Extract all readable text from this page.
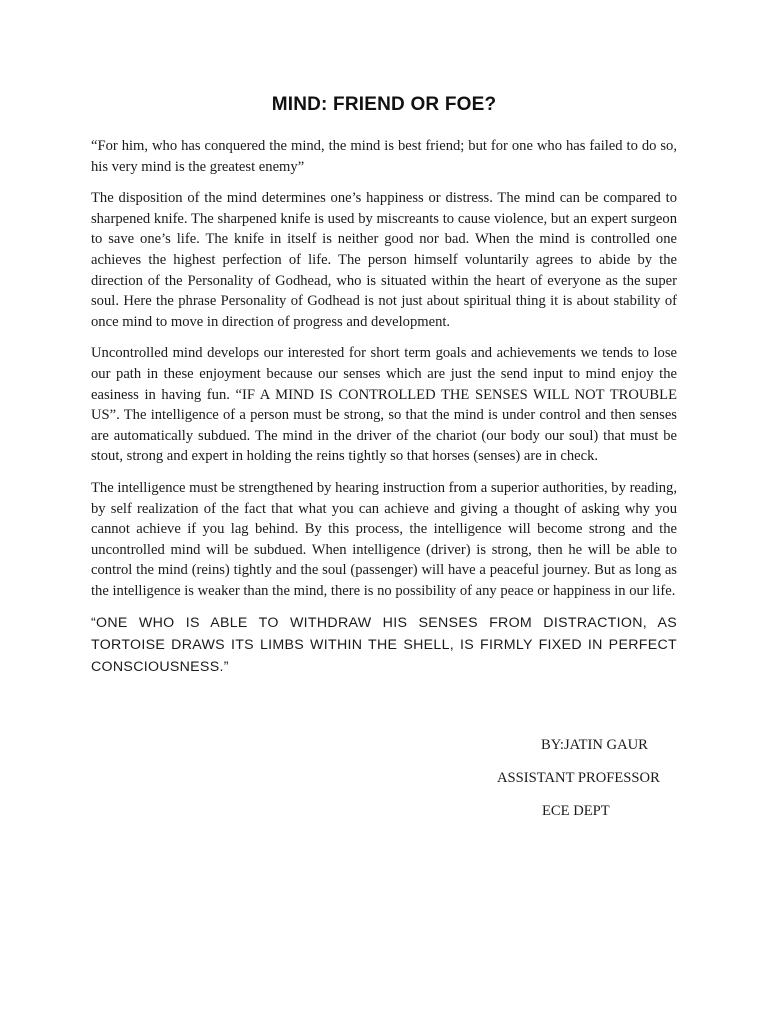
MIND: FRIEND OR FOE?

“For him, who has conquered the mind, the mind is best friend; but for one who has failed to do so, his very mind is the greatest enemy”

The disposition of the mind determines one’s happiness or distress. The mind can be compared to sharpened knife. The sharpened knife is used by miscreants to cause violence, but an expert surgeon to save one’s life. The knife in itself is neither good nor bad. When the mind is controlled one achieves the highest perfection of life. The person himself voluntarily agrees to abide by the direction of the Personality of Godhead, who is situated within the heart of everyone as the super soul. Here the phrase Personality of Godhead is not just about spiritual thing it is about stability of once mind to move in direction of progress and development.

Uncontrolled mind develops our interested for short term goals and achievements we tends to lose our path in these enjoyment because our senses which are just the send input to mind enjoy the easiness in having fun. “IF A MIND IS CONTROLLED THE SENSES WILL NOT TROUBLE US”. The intelligence of a person must be strong, so that the mind is under control and then senses are automatically subdued. The mind in the driver of the chariot (our body our soul) that must be stout, strong and expert in holding the reins tightly so that horses (senses) are in check.

The intelligence must be strengthened by hearing instruction from a superior authorities, by reading, by self realization of the fact that what you can achieve and giving a thought of asking why you cannot achieve if you lag behind. By this process, the intelligence will become strong and the uncontrolled mind will be subdued. When intelligence (driver) is strong, then he will be able to control the mind (reins) tightly and the soul (passenger) will have a peaceful journey. But as long as the intelligence is weaker than the mind, there is no possibility of any peace or happiness in our life.

“ONE WHO IS ABLE TO WITHDRAW HIS SENSES FROM DISTRACTION, AS TORTOISE DRAWS ITS LIMBS WITHIN THE SHELL, IS FIRMLY FIXED IN PERFECT CONSCIOUSNESS.”

BY:JATIN GAUR
ASSISTANT PROFESSOR
ECE DEPT
